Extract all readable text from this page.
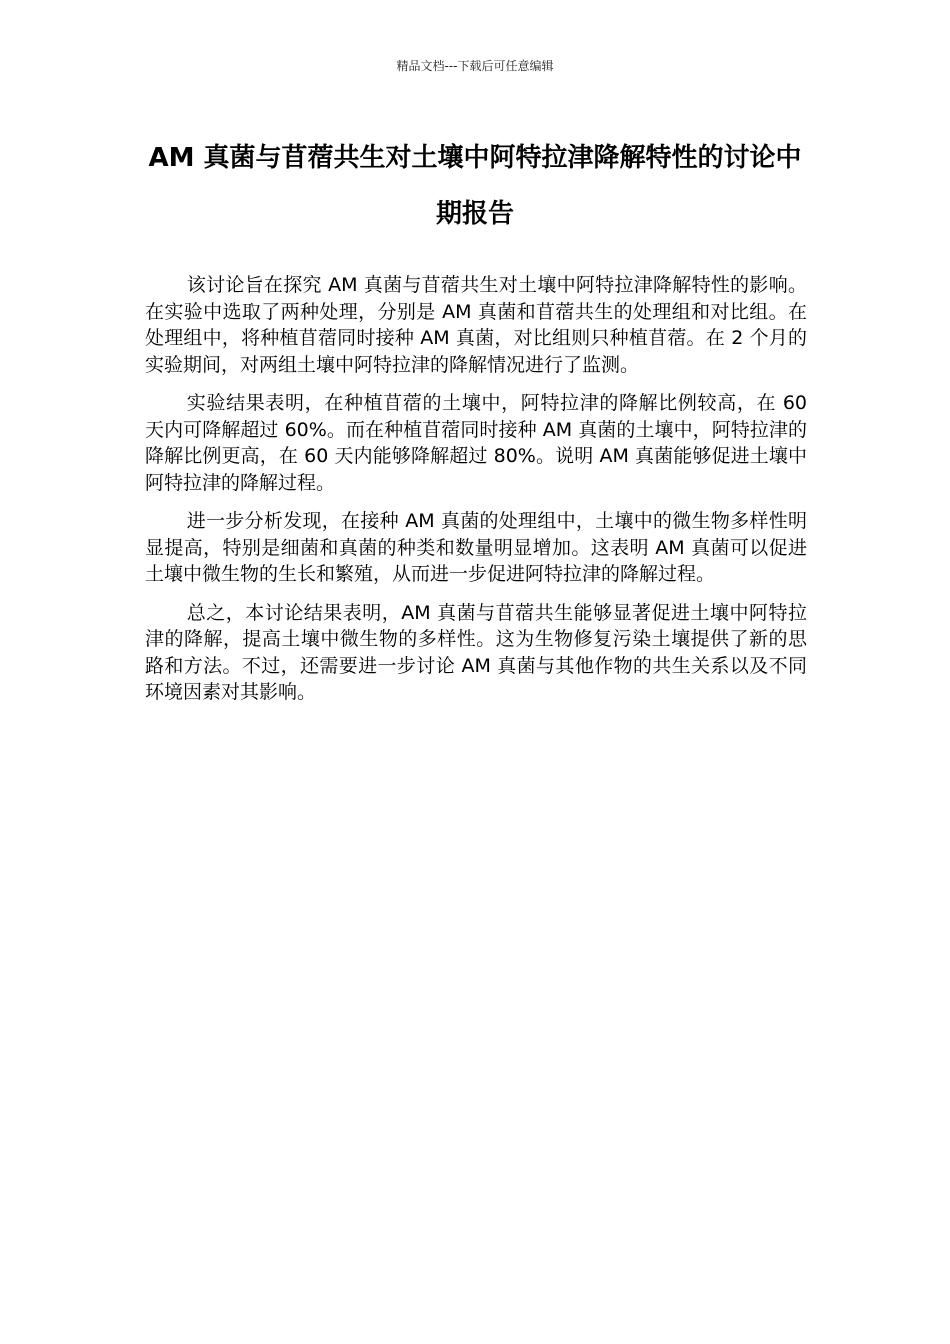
精品文档---下载后可任意编辑
AM 真菌与苜蓿共生对土壤中阿特拉津降解特性的讨论中期报告

该讨论旨在探究 AM 真菌与苜蓿共生对土壤中阿特拉津降解特性的影响。在实验中选取了两种处理，分别是 AM 真菌和苜蓿共生的处理组和对比组。在处理组中，将种植苜蓿同时接种 AM 真菌，对比组则只种植苜蓿。在 2 个月的实验期间，对两组土壤中阿特拉津的降解情况进行了监测。

实验结果表明，在种植苜蓿的土壤中，阿特拉津的降解比例较高，在 60 天内可降解超过 60%。而在种植苜蓿同时接种 AM 真菌的土壤中，阿特拉津的降解比例更高，在 60 天内能够降解超过 80%。说明 AM 真菌能够促进土壤中阿特拉津的降解过程。

进一步分析发现，在接种 AM 真菌的处理组中，土壤中的微生物多样性明显提高，特别是细菌和真菌的种类和数量明显增加。这表明 AM 真菌可以促进土壤中微生物的生长和繁殖，从而进一步促进阿特拉津的降解过程。

总之，本讨论结果表明，AM 真菌与苜蓿共生能够显著促进土壤中阿特拉津的降解，提高土壤中微生物的多样性。这为生物修复污染土壤提供了新的思路和方法。不过，还需要进一步讨论 AM 真菌与其他作物的共生关系以及不同环境因素对其影响。
